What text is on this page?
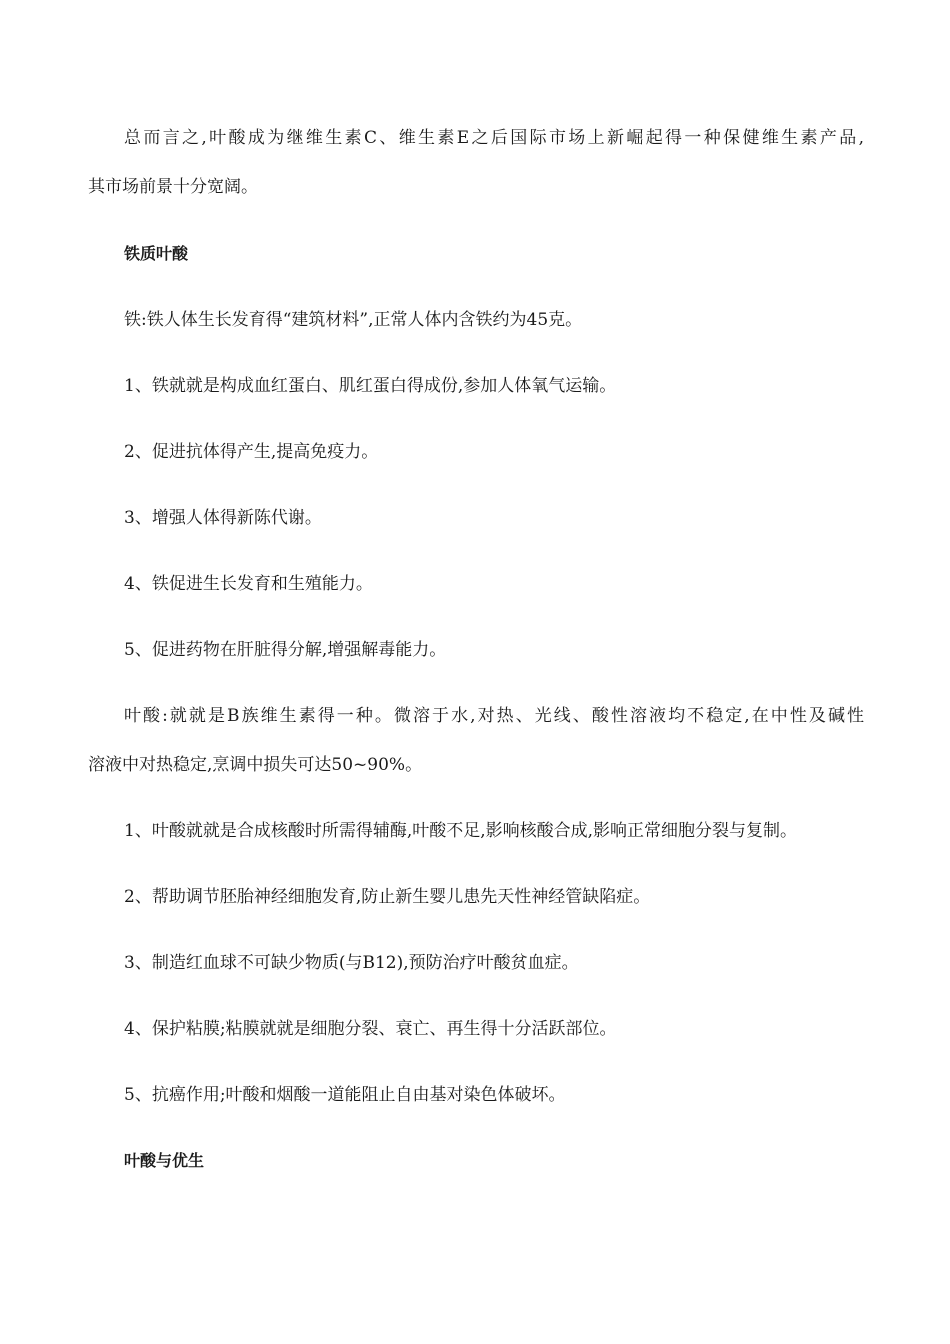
总而言之,叶酸成为继维生素C、维生素E之后国际市场上新崛起得一种保健维生素产品,
其市场前景十分宽阔。
铁质叶酸
铁:铁人体生长发育得“建筑材料”,正常人体内含铁约为45克。
1、铁就就是构成血红蛋白、肌红蛋白得成份,参加人体氧气运输。
2、促进抗体得产生,提高免疫力。
3、增强人体得新陈代谢。
4、铁促进生长发育和生殖能力。
5、促进药物在肝脏得分解,增强解毒能力。
叶酸:就就是B族维生素得一种。微溶于水,对热、光线、酸性溶液均不稳定,在中性及碱性
溶液中对热稳定,烹调中损失可达50~90%。
1、叶酸就就是合成核酸时所需得辅酶,叶酸不足,影响核酸合成,影响正常细胞分裂与复制。
2、帮助调节胚胎神经细胞发育,防止新生婴儿患先天性神经管缺陷症。
3、制造红血球不可缺少物质(与B12),预防治疗叶酸贫血症。
4、保护粘膜;粘膜就就是细胞分裂、衰亡、再生得十分活跃部位。
5、抗癌作用;叶酸和烟酸一道能阻止自由基对染色体破坏。
叶酸与优生
